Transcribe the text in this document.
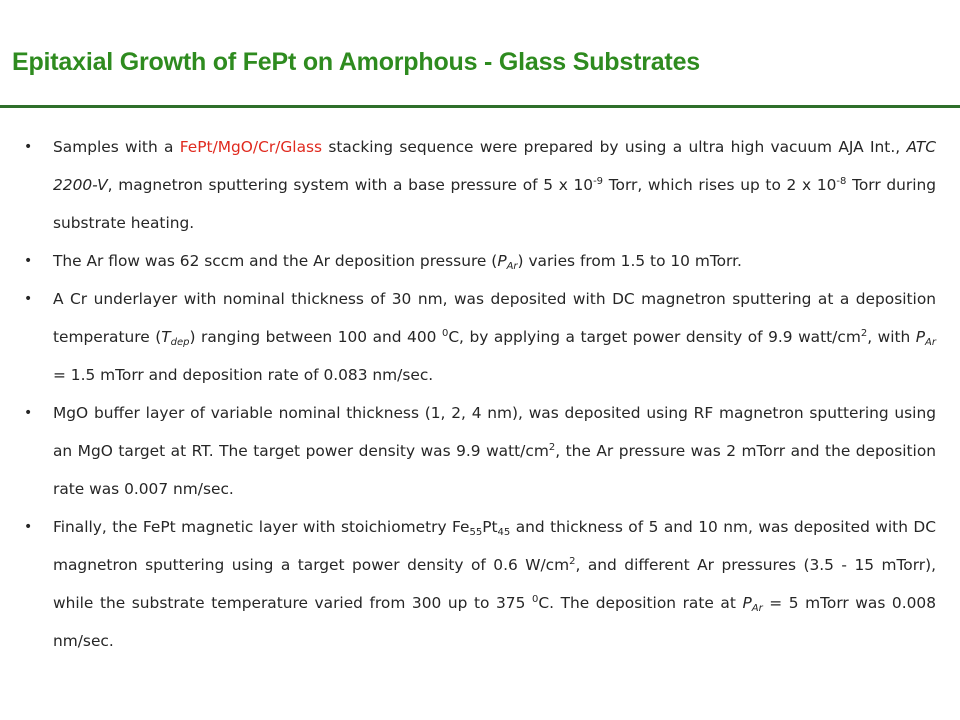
Epitaxial Growth of FePt on Amorphous - Glass Substrates
• Samples with a FePt/MgO/Cr/Glass stacking sequence were prepared by using a ultra high vacuum AJA Int., ATC 2200-V, magnetron sputtering system with a base pressure of 5 x $10^{-9}$ Torr, which rises up to 2 x $10^{-8}$ Torr during substrate heating.
• The Ar flow was 62 sccm and the Ar deposition pressure $(P_{Ar})$ varies from 1.5 to 10 mTorr.
• A Cr underlayer with nominal thickness of 30 nm, was deposited with DC magnetron sputtering at a deposition temperature $(T_{dep})$ ranging between 100 and 400 $^0$C, by applying a target power density of 9.9 watt/$cm^2$, with $P_{Ar} = 1.5$ mTorr and deposition rate of 0.083 nm/sec.
• MgO buffer layer of variable nominal thickness (1, 2, 4 nm), was deposited using RF magnetron sputtering using an MgO target at RT. The target power density was 9.9 watt/$cm^2$, the Ar pressure was 2 mTorr and the deposition rate was 0.007 nm/sec.
• Finally, the FePt magnetic layer with stoichiometry $Fe_{55}Pt_{45}$ and thickness of 5 and 10 nm, was deposited with DC magnetron sputtering using a target power density of 0.6 $W/cm^2$, and different Ar pressures (3.5 - 15 mTorr), while the substrate temperature varied from 300 up to 375 $^0$C. The deposition rate at $P_{Ar} = 5$ mTorr was 0.008 nm/sec.
